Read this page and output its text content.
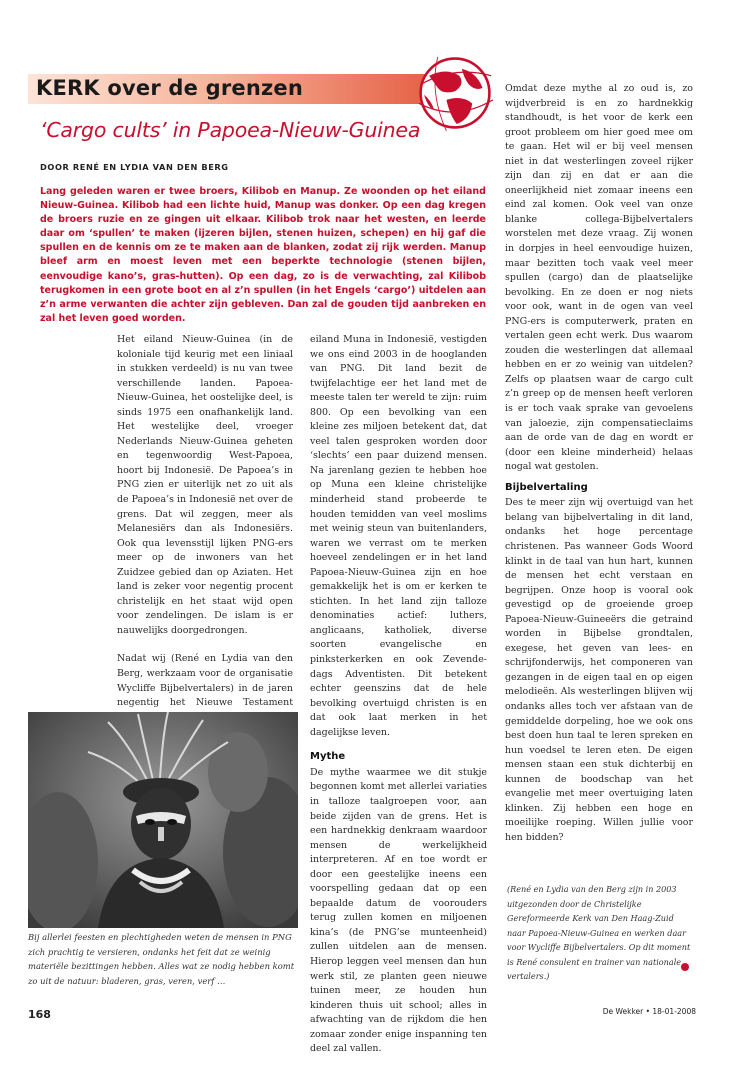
KERK over de grenzen
‘Cargo cults’ in Papoea-Nieuw-Guinea
DOOR RENÉ EN LYDIA VAN DEN BERG
Lang geleden waren er twee broers, Kilibob en Manup. Ze woonden op het eiland Nieuw-Guinea. Kilibob had een lichte huid, Manup was donker. Op een dag kregen de broers ruzie en ze gingen uit elkaar. Kilibob trok naar het westen, en leerde daar om ‘spullen’ te maken (ijzeren bijlen, stenen huizen, schepen) en hij gaf die spullen en de kennis om ze te maken aan de blanken, zodat zij rijk werden. Manup bleef arm en moest leven met een beperkte technologie (stenen bijlen, eenvoudige kano’s, gras-hutten). Op een dag, zo is de verwachting, zal Kilibob terugkomen in een grote boot en al z’n spullen (in het Engels ‘cargo’) uitdelen aan z’n arme verwanten die achter zijn gebleven. Dan zal de gouden tijd aanbreken en zal het leven goed worden.

Het eiland Nieuw-Guinea (in de koloniale tijd keurig met een liniaal in stukken verdeeld) is nu van twee verschillende landen. Papoea-Nieuw-Guinea, het oostelijke deel, is sinds 1975 een onafhankelijk land. Het westelijke deel, vroeger Nederlands Nieuw-Guinea geheten en tegenwoordig West-Papoea, hoort bij Indonesië. De Papoea’s in PNG zien er uiterlijk net zo uit als de Papoea’s in Indonesië net over de grens. Dat wil zeggen, meer als Melanesiërs dan als Indonesiërs. Ook qua levensstijl lijken PNG-ers meer op de inwoners van het Zuidzee gebied dan op Aziaten. Het land is zeker voor negentig procent christelijk en het staat wijd open voor zendelingen. De islam is er nauwelijks doorgedrongen.

Nadat wij (René en Lydia van den Berg, werkzaam voor de organisatie Wycliffe Bijbelvertalers) in de jaren negentig het Nieuwe Testament

eiland Muna in Indonesië, vestigden we ons eind 2003 in de hooglanden van PNG. Dit land bezit de twijfelachtige eer het land met de meeste talen ter wereld te zijn: ruim 800. Op een bevolking van een kleine zes miljoen betekent dat, dat veel talen gesproken worden door ‘slechts’ een paar duizend mensen. Na jarenlang gezien te hebben hoe op Muna een kleine christelijke minderheid stand probeerde te houden temidden van veel moslims met weinig steun van buitenlanders, waren we verrast om te merken hoeveel zendelingen er in het land Papoea-Nieuw-Guinea zijn en hoe gemakkelijk het is om er kerken te stichten. In het land zijn talloze denominaties actief: luthers, anglicaans, katholiek, diverse soorten evangelische en pinksterkerken en ook Zevende-dags Adventisten. Dit betekent echter geenszins dat de hele bevolking overtuigd christen is en dat ook laat merken in het dagelijkse leven.

Mythe

De mythe waarmee we dit stukje begonnen komt met allerlei variaties in talloze taalgroepen voor, aan beide zijden van de grens. Het is een hardnekkig denkraam waardoor mensen de werkelijkheid interpreteren. Af en toe wordt er door een geestelijke ineens een voorspelling gedaan dat op een bepaalde datum de voorouders terug zullen komen en miljoenen kina’s (de PNG’se munteenheid) zullen uitdelen aan de mensen. Hierop leggen veel mensen dan hun werk stil, ze planten geen nieuwe tuinen meer, ze houden hun kinderen thuis uit school; alles in afwachting van de rijkdom die hen zomaar zonder enige inspanning ten deel zal vallen.

Omdat deze mythe al zo oud is, zo wijdverbreid is en zo hardnekkig standhoudt, is het voor de kerk een groot probleem om hier goed mee om te gaan. Het wil er bij veel mensen niet in dat westerlingen zoveel rijker zijn dan zij en dat er aan die oneerlijkheid niet zomaar ineens een eind zal komen. Ook veel van onze blanke collega-Bijbelvertalers worstelen met deze vraag. Zij wonen in dorpjes in heel eenvoudige huizen, maar bezitten toch vaak veel meer spullen (cargo) dan de plaatselijke bevolking. En ze doen er nog niets voor ook, want in de ogen van veel PNG-ers is computerwerk, praten en vertalen geen echt werk. Dus waarom zouden die westerlingen dat allemaal hebben en er zo weinig van uitdelen? Zelfs op plaatsen waar de cargo cult z’n greep op de mensen heeft verloren is er toch vaak sprake van gevoelens van jaloezie, zijn compensatieclaims aan de orde van de dag en wordt er (door een kleine minderheid) helaas nogal wat gestolen.

Bijbelvertaling

Des te meer zijn wij overtuigd van het belang van bijbelvertaling in dit land, ondanks het hoge percentage christenen. Pas wanneer Gods Woord klinkt in de taal van hun hart, kunnen de mensen het echt verstaan en begrijpen. Onze hoop is vooral ook gevestigd op de groeiende groep Papoea-Nieuw-Guineeërs die getraind worden in Bijbelse grondtalen, exegese, het geven van lees- en schrijfonderwijs, het componeren van gezangen in de eigen taal en op eigen melodieën. Als westerlingen blijven wij ondanks alles toch ver afstaan van de gemiddelde dorpeling, hoe we ook ons best doen hun taal te leren spreken en hun voedsel te leren eten. De eigen mensen staan een stuk dichterbij en kunnen de boodschap van het evangelie met meer overtuiging laten klinken. Zij hebben een hoge en moeilijke roeping. Willen jullie voor hen bidden?

Bij allerlei feesten en plechtigheden weten de mensen in PNG zich prachtig te versieren, ondanks het feit dat ze weinig materiële bezittingen hebben. Alles wat ze nodig hebben komt zo uit de natuur: bladeren, gras, veren, verf …
(René en Lydia van den Berg zijn in 2003 uitgezonden door de Christelijke Gereformeerde Kerk van Den Haag-Zuid naar Papoea-Nieuw-Guinea en werken daar voor Wycliffe Bijbelvertalers. Op dit moment is René consulent en trainer van nationale vertalers.)
168	De Wekker • 18-01-2008
